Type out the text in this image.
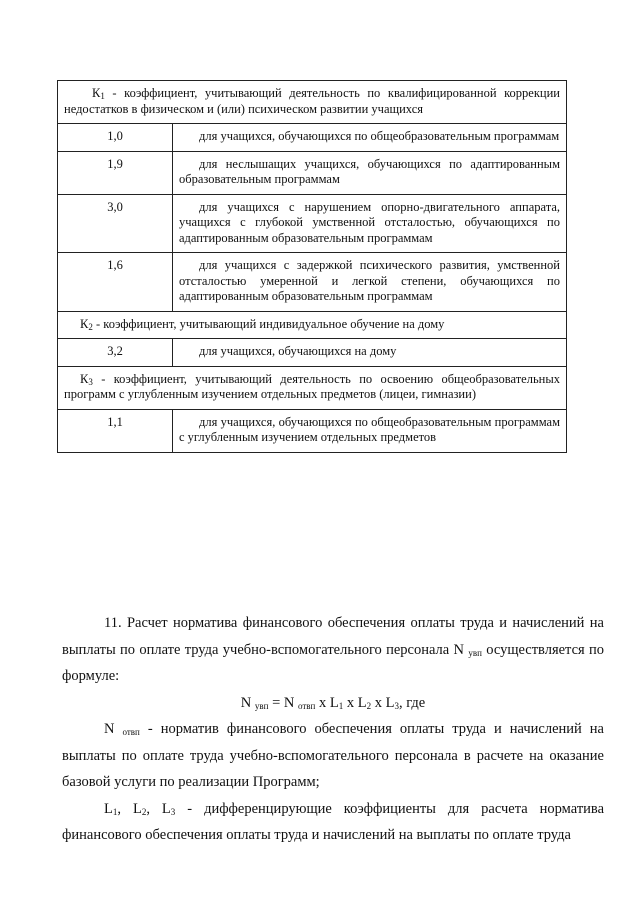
$К_1$ - коэффициент, учитывающий деятельность по квалифицированной коррекции недостатков в физическом и (или) психическом развитии учащихся	
1,0	для учащихся, обучающихся по общеобразовательным программам
1,9	для неслышащих учащихся, обучающихся по адаптированным образовательным программам
3,0	для учащихся с нарушением опорно-двигательного аппарата, учащихся с глубокой умственной отсталостью, обучающихся по адаптированным образовательным программам
1,6	для учащихся с задержкой психического развития, умственной отсталостью умеренной и легкой степени, обучающихся по адаптированным образовательным программам
$К_2$ - коэффициент, учитывающий индивидуальное обучение на дому	
3,2	для учащихся, обучающихся на дому
$К_3$ - коэффициент, учитывающий деятельность по освоению общеобразовательных программ с углубленным изучением отдельных предметов (лицеи, гимназии)	
1,1	для учащихся, обучающихся по общеобразовательным программам с углубленным изучением отдельных предметов

11. Расчет норматива финансового обеспечения оплаты труда и начислений на выплаты по оплате труда учебно-вспомогательного персонала N $_{увп}$ осуществляется по формуле:

N $_{увп}$ = N $_{отвп}$ x $L_1$ x $L_2$ x $L_3$, где

N $_{отвп}$ - норматив финансового обеспечения оплаты труда и начислений на выплаты по оплате труда учебно-вспомогательного персонала в расчете на оказание базовой услуги по реализации Программ;

$L_1$, $L_2$, $L_3$ - дифференцирующие коэффициенты для расчета норматива финансового обеспечения оплаты труда и начислений на выплаты по оплате труда
